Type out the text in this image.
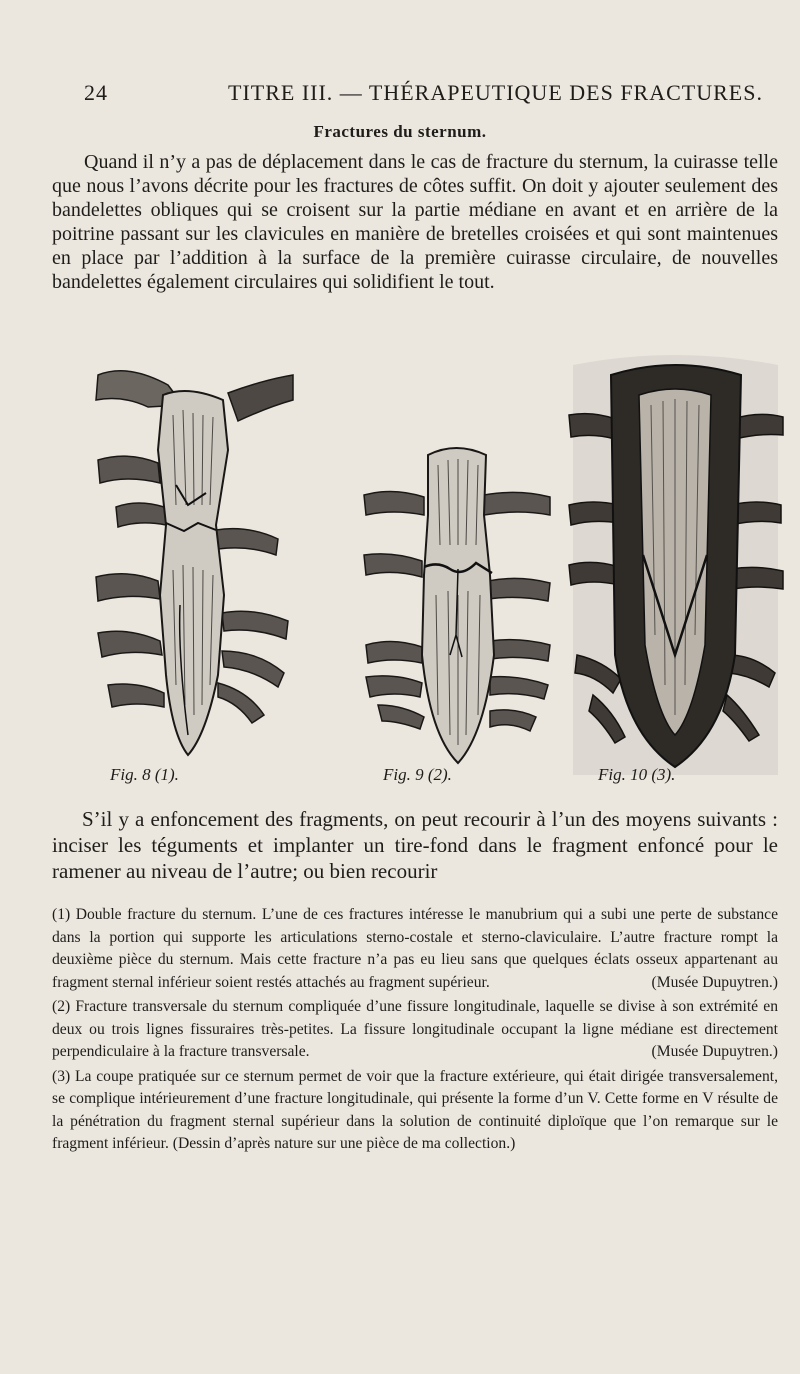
24	TITRE III. — THÉRAPEUTIQUE DES FRACTURES.
Fractures du sternum.

Quand il n’y a pas de déplacement dans le cas de fracture du sternum, la cuirasse telle que nous l’avons décrite pour les fractures de côtes suffit. On doit y ajouter seulement des bandelettes obliques qui se croisent sur la partie médiane en avant et en arrière de la poitrine passant sur les clavicules en manière de bretelles croisées et qui sont maintenues en place par l’addition à la surface de la première cuirasse circulaire, de nouvelles bandelettes également circulaires qui solidifient le tout.

Fig. 8 (1).	Fig. 9 (2).	Fig. 10 (3).

S’il y a enfoncement des fragments, on peut recourir à l’un des moyens suivants : inciser les téguments et implanter un tire-fond dans le fragment enfoncé pour le ramener au niveau de l’autre; ou bien recourir

(1) Double fracture du sternum. L’une de ces fractures intéresse le manubrium qui a subi une perte de substance dans la portion qui supporte les articulations sterno-costale et sterno-claviculaire. L’autre fracture rompt la deuxième pièce du sternum. Mais cette fracture n’a pas eu lieu sans que quelques éclats osseux appartenant au fragment sternal inférieur soient restés attachés au fragment supérieur.	(Musée Dupuytren.)
(2) Fracture transversale du sternum compliquée d’une fissure longitudinale, laquelle se divise à son extrémité en deux ou trois lignes fissuraires très-petites. La fissure longitudinale occupant la ligne médiane est directement perpendiculaire à la fracture transversale.	(Musée Dupuytren.)
(3) La coupe pratiquée sur ce sternum permet de voir que la fracture extérieure, qui était dirigée transversalement, se complique intérieurement d’une fracture longitudinale, qui présente la forme d’un V. Cette forme en V résulte de la pénétration du fragment sternal supérieur dans la solution de continuité diploïque que l’on remarque sur le fragment inférieur. (Dessin d’après nature sur une pièce de ma collection.)
